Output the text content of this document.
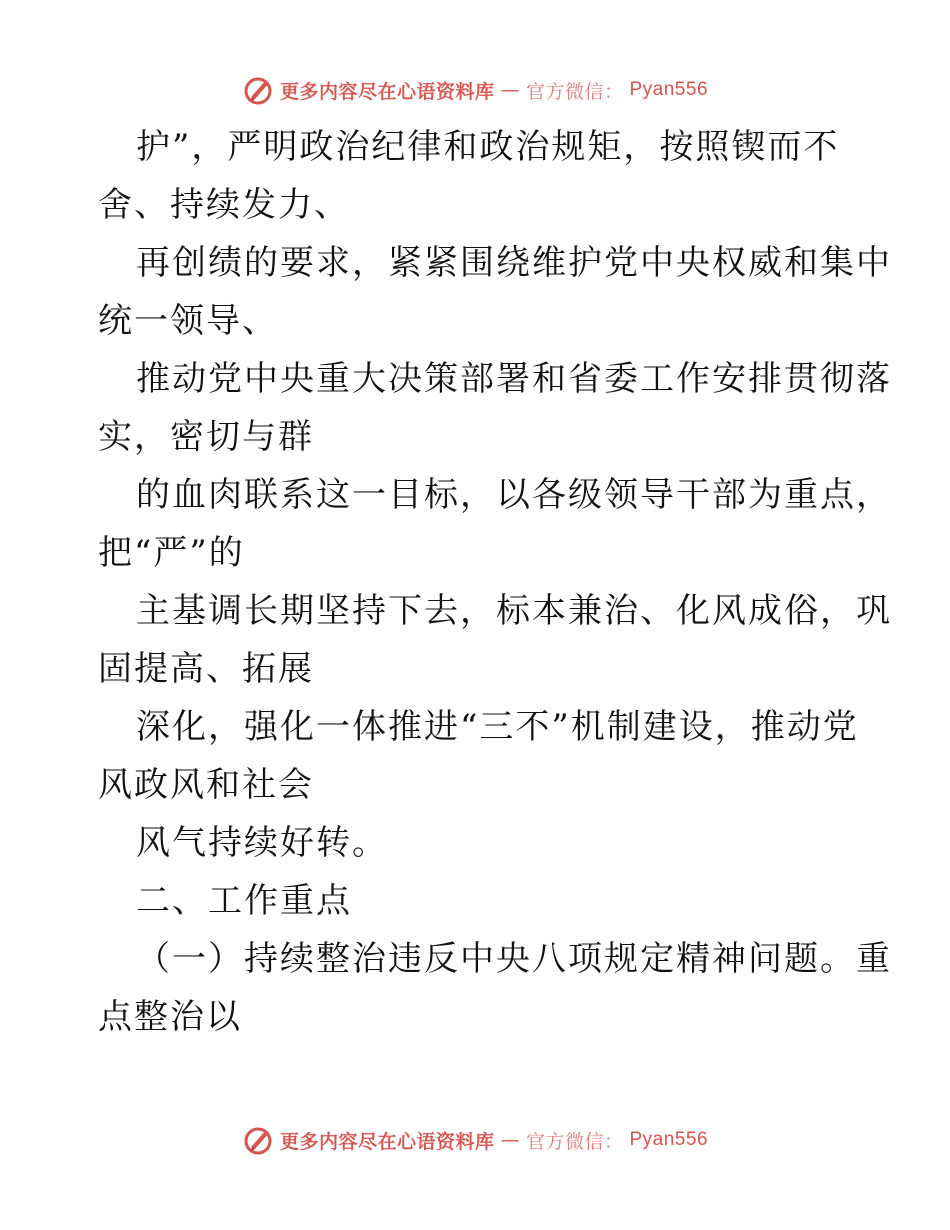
更多内容尽在心语资料库 — 官方微信： Pyan556
护”，严明政治纪律和政治规矩，按照锲而不
舍、持续发力、
再创绩的要求，紧紧围绕维护党中央权威和集中
统一领导、
推动党中央重大决策部署和省委工作安排贯彻落
实，密切与群
的血肉联系这一目标，以各级领导干部为重点，
把“严”的
主基调长期坚持下去，标本兼治、化风成俗，巩
固提高、拓展
深化，强化一体推进“三不”机制建设，推动党
风政风和社会
风气持续好转。
二、工作重点
（一）持续整治违反中央八项规定精神问题。重
点整治以
更多内容尽在心语资料库 — 官方微信： Pyan556
